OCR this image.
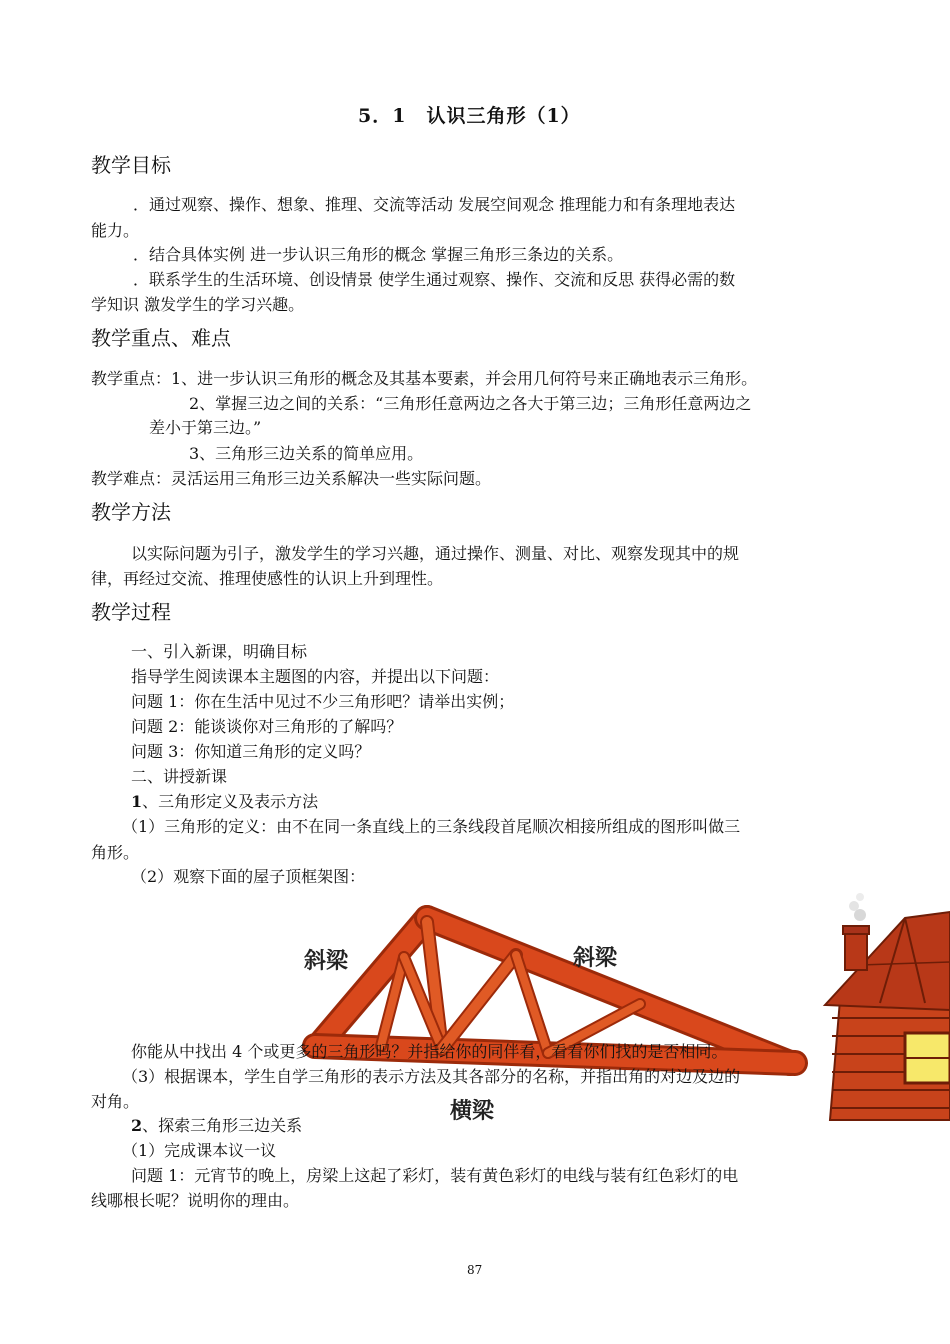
5．1　认识三角形（1）
教学目标
．通过观察、操作、想象、推理、交流等活动 发展空间观念 推理能力和有条理地表达
能力。
．结合具体实例 进一步认识三角形的概念 掌握三角形三条边的关系。
．联系学生的生活环境、创设情景 使学生通过观察、操作、交流和反思 获得必需的数
学知识 激发学生的学习兴趣。
教学重点、难点
教学重点：1、进一步认识三角形的概念及其基本要素，并会用几何符号来正确地表示三角形。
2、掌握三边之间的关系：“三角形任意两边之各大于第三边；三角形任意两边之
差小于第三边。”
3、三角形三边关系的简单应用。
教学难点：灵活运用三角形三边关系解决一些实际问题。
教学方法
以实际问题为引子，激发学生的学习兴趣，通过操作、测量、对比、观察发现其中的规
律，再经过交流、推理使感性的认识上升到理性。
教学过程
一、引入新课，明确目标
指导学生阅读课本主题图的内容，并提出以下问题：
问题 1：你在生活中见过不少三角形吧？请举出实例；
问题 2：能谈谈你对三角形的了解吗？
问题 3：你知道三角形的定义吗？
二、讲授新课
1、三角形定义及表示方法
（1）三角形的定义：由不在同一条直线上的三条线段首尾顺次相接所组成的图形叫做三
角形。
（2）观察下面的屋子顶框架图：
斜梁	斜梁
横梁
你能从中找出 4 个或更多的三角形吗？并指给你的同伴看，看看你们找的是否相同。
（3）根据课本，学生自学三角形的表示方法及其各部分的名称，并指出角的对边及边的
对角。
2、探索三角形三边关系
（1）完成课本议一议
问题 1：元宵节的晚上，房梁上这起了彩灯，装有黄色彩灯的电线与装有红色彩灯的电
线哪根长呢？说明你的理由。
87
